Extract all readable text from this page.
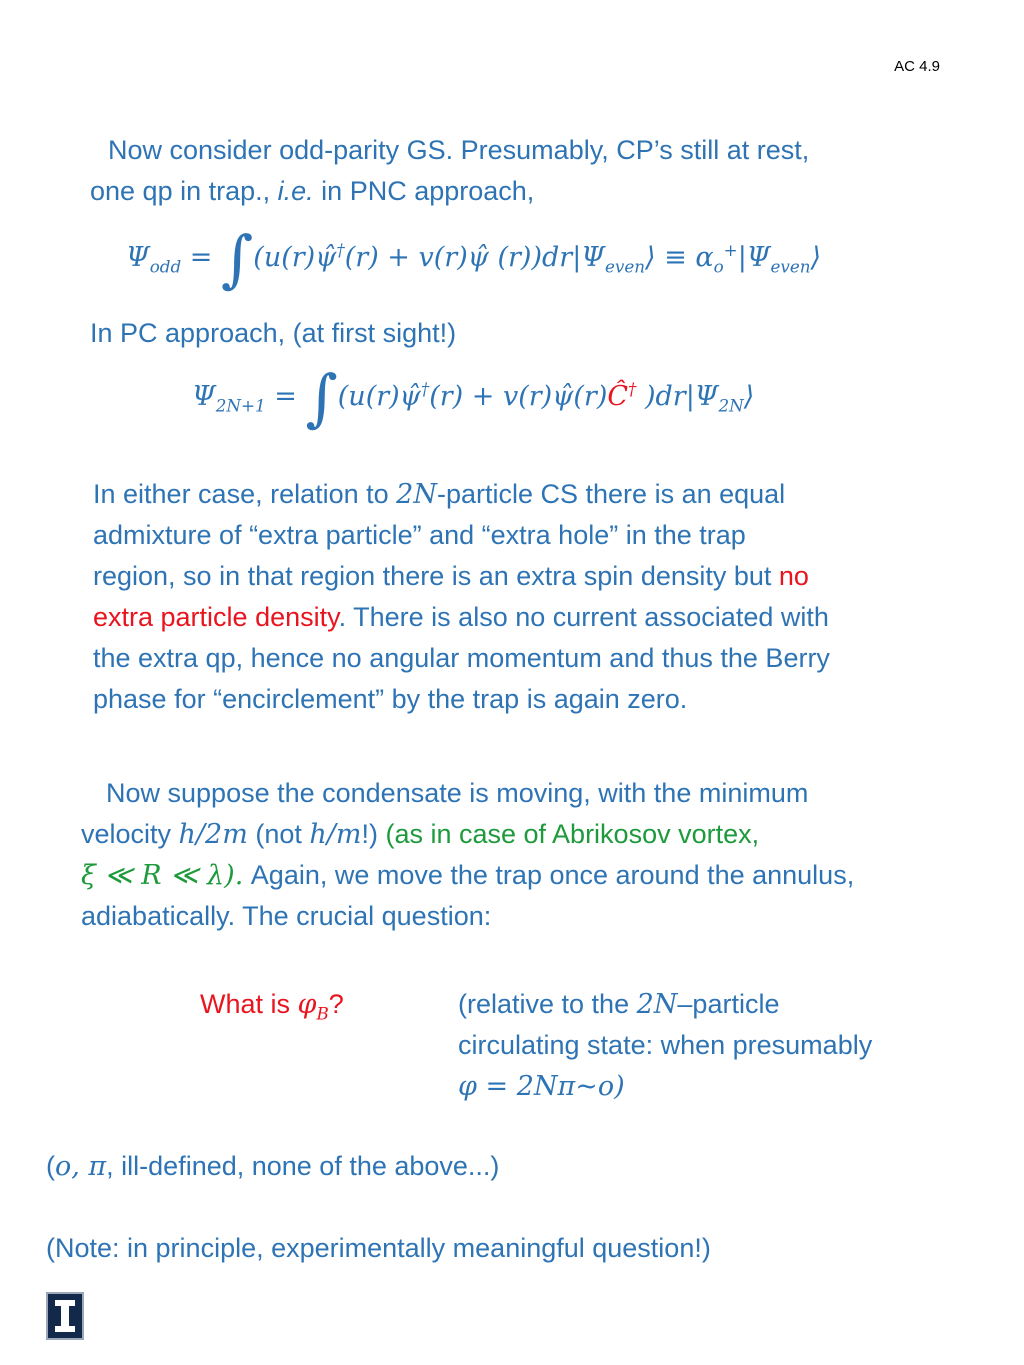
AC 4.9
Now consider odd-parity GS. Presumably, CP’s still at rest,
one qp in trap., i.e. in PNC approach,
$\Psi_{odd}$ = ∫(u(r)ψ̂†(r) + v(r)ψ̂ $(r))dr|\Psi_{even}⟩$ ≡ $\alpha_o^+|\Psi_{even}⟩$
In PC approach, (at first sight!)
$\Psi_{2N+1}$ = ∫(u(r)ψ̂†(r) + v(r)ψ̂(r)Ĉ† )$dr|\Psi_{2N}⟩$
In either case, relation to 2N-particle CS there is an equal
admixture of “extra particle” and “extra hole” in the trap
region, so in that region there is an extra spin density but no
extra particle density. There is also no current associated with
the extra qp, hence no angular momentum and thus the Berry
phase for “encirclement” by the trap is again zero.
Now suppose the condensate is moving, with the minimum
velocity h/2m (not h/m!) (as in case of Abrikosov vortex,
ξ ≪ R ≪ λ). Again, we move the trap once around the annulus,
adiabatically. The crucial question:
What is $\varphi_B$?	(relative to the 2N–particle
circulating state: when presumably
φ = 2Nπ~o)
(o, π, ill-defined, none of the above...)
(Note: in principle, experimentally meaningful question!)
